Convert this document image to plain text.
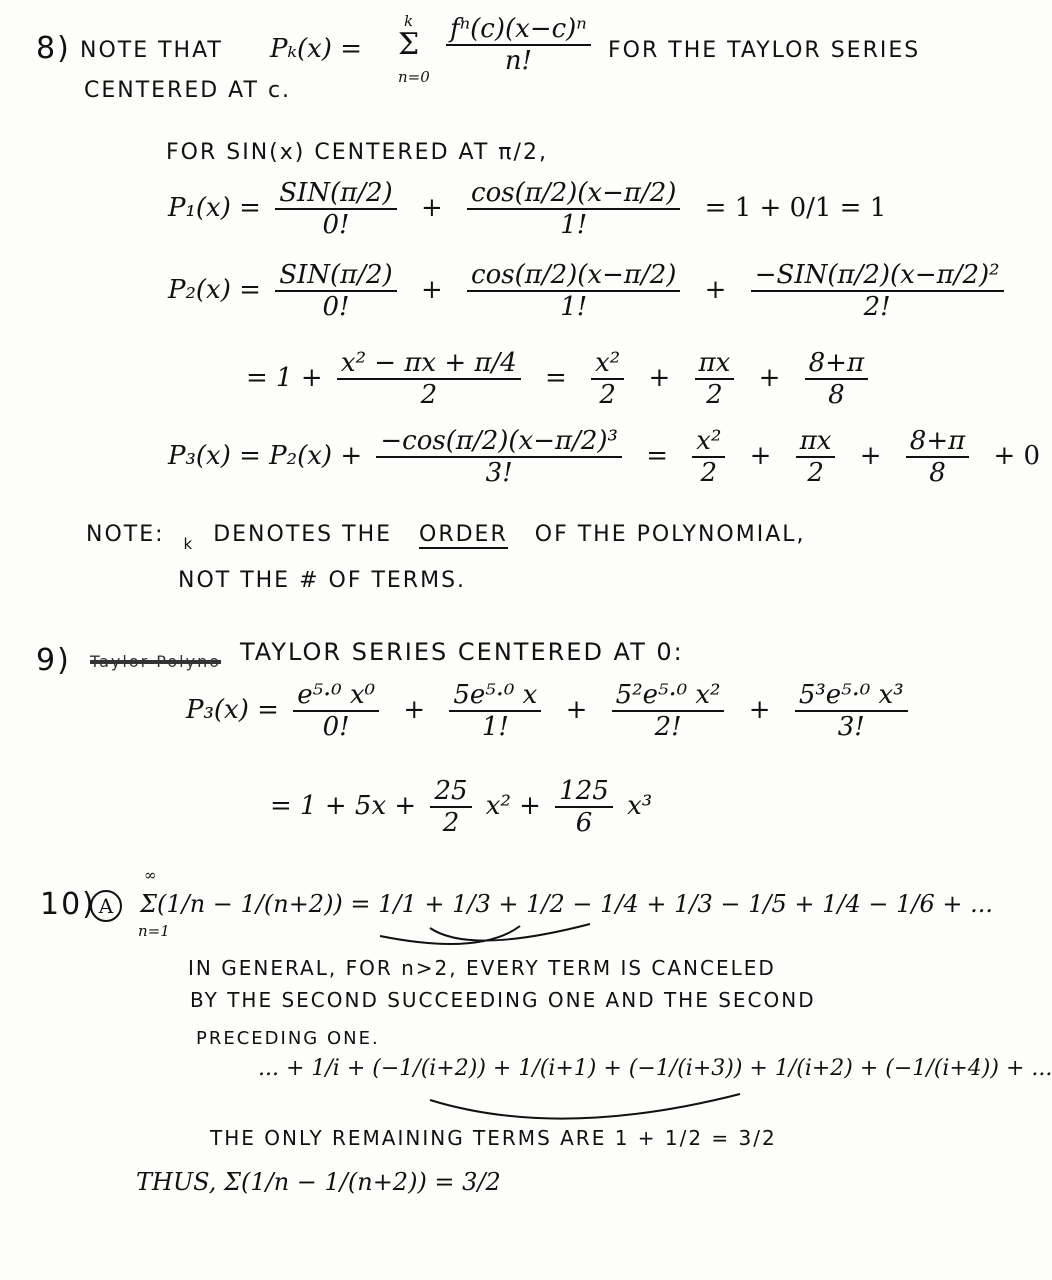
8) NOTE THAT Pₖ(x) =
k
Σ
n=0
$\frac{\text{fⁿ(c)(x−c)ⁿ}}{n!}$ FOR THE TAYLOR SERIES
CENTERED AT c.
FOR SIN(x) CENTERED AT π/2,
$P_1(x) = \frac{\text{SIN(π/2)}}{0!} + \frac{\cos(\pi/2)(x-\pi/2)}{1!} = 1 + 0/1 = 1$
$P_2(x) = \frac{\text{SIN(π/2)}}{0!} + \frac{\cos(\pi/2)(x-\pi/2)}{1!} + \frac{\text{−SIN(π/2)(x−π/2)²}}{2!}$
= $1 + \frac{\text{x² − πx + π/4}}{2} = \frac{\text{x²}}{2} + \frac{\pi x}{2} + \frac{8+\pi}{8}$
$P_3(x) = P_2(x) + \frac{\text{−cos(π/2)(x−π/2)³}}{3!} = \frac{\text{x²}}{2} + \frac{\pi x}{2} + \frac{8+\pi}{8} + 0$
NOTE: $_k$ DENOTES THE ORDER OF THE POLYNOMIAL,
NOT THE # OF TERMS.
9) Taylor Polyno TAYLOR SERIES CENTERED AT 0:
$P_3(x) = \frac{\text{e⁵·⁰ x⁰}}{0!} + \frac{\text{5e⁵·⁰ x}}{1!} + \frac{\text{5²e⁵·⁰ x²}}{2!} + \frac{\text{5³e⁵·⁰ x³}}{3!}$
= $1 + 5x + \frac{25}{2} x^2 + \frac{125}{6} x^3$
10) A
∞
n=1
Σ(1/n − 1/(n+2)) = 1/1 + 1/3 + 1/2 − 1/4 + 1/3 − 1/5 + 1/4 − 1/6 + ...
IN GENERAL, FOR n>2, EVERY TERM IS CANCELED
BY THE SECOND SUCCEEDING ONE AND THE SECOND
PRECEDING ONE.
... + 1/i + (−1/(i+2)) + 1/(i+1) + (−1/(i+3)) + 1/(i+2) + (−1/(i+4)) + ...
THE ONLY REMAINING TERMS ARE 1 + 1/2 = 3/2
THUS, Σ(1/n − 1/(n+2)) = 3/2
